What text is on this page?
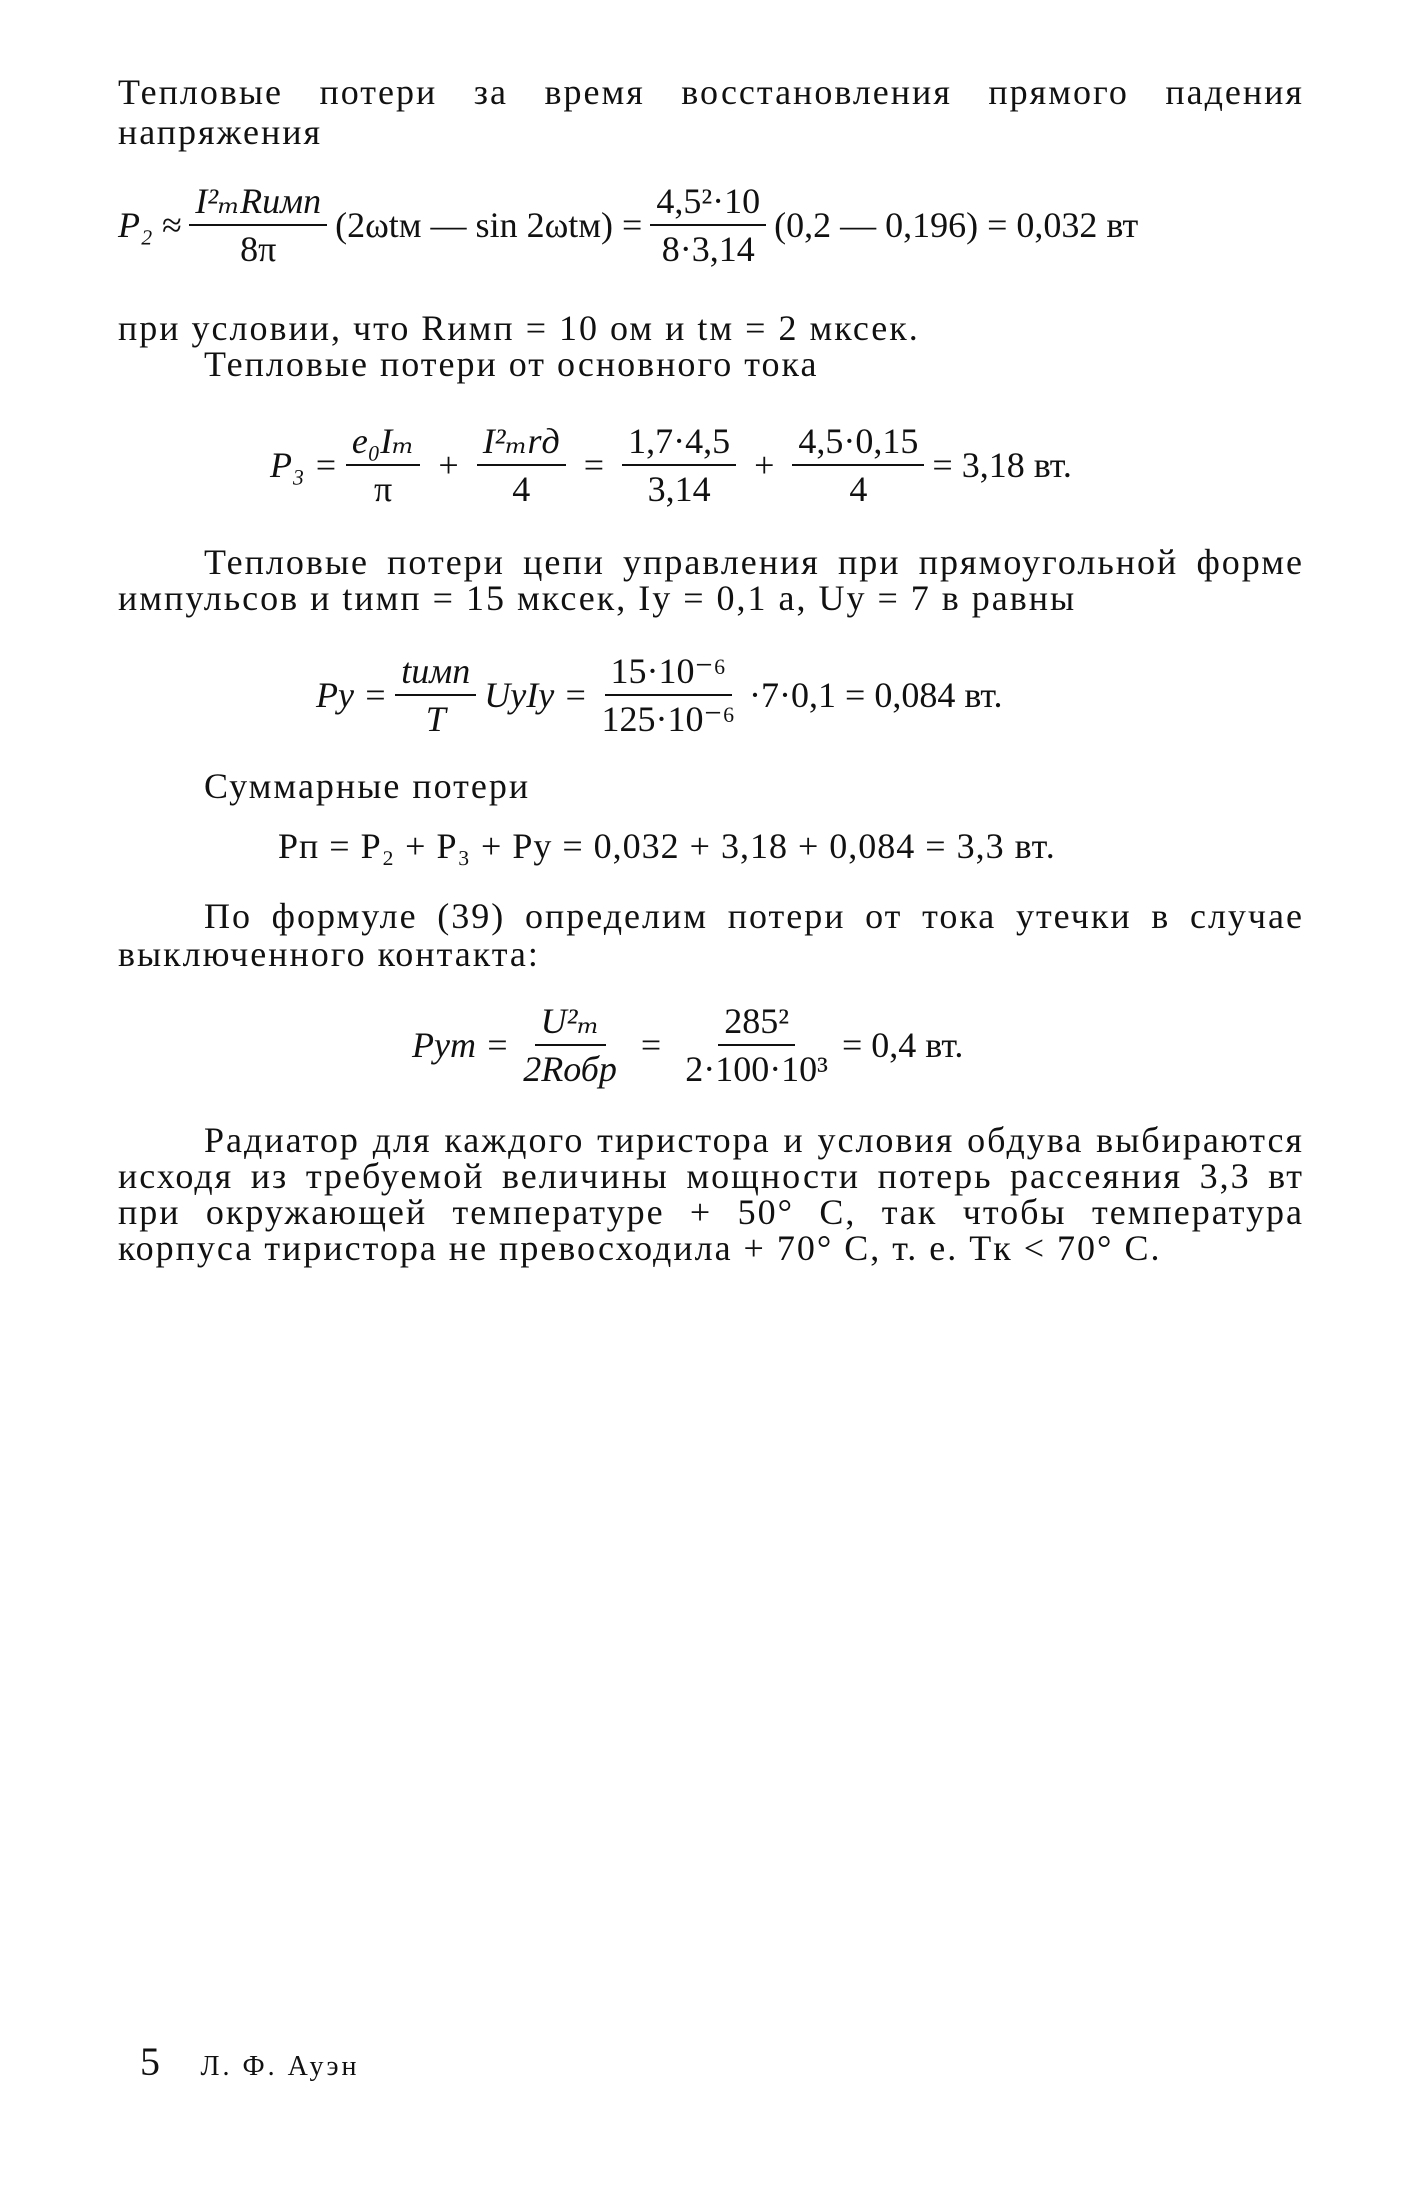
Тепловые потери за время восстановления прямого падения
напряжения
$P_2 \approx \frac{\text{I²ₘRимп}}{8\pi} (2\omega tм$ — $\sin 2\omega tм) = \frac{\text{4,5²·10}}{8\cdot 3,14} (0,2$ — 0,196) = 0,032 вт
при условии, что Rимп = 10 ом и tм = 2 мксек.
Тепловые потери от основного тока
$P_3 = \frac{\text{e₀Iₘ}}{\pi} + \frac{\text{I²ₘrд}}{4} = \frac{1,7\cdot 4,5}{3,14} + \frac{4,5\cdot 0,15}{4} = 3,18$ вт.
Тепловые потери цепи управления при прямоугольной форме
импульсов и tимп = 15 мксек, Iу = 0,1 а, Uу = 7 в равны
Pу = $\frac{\text{tимп}}{T}$ UуIу = $\frac{\text{15·10⁻⁶}}{\text{125·10⁻⁶}} \cdot 7\cdot 0,1 = 0,084$ вт.
Суммарные потери
Pп = P₂ + P₃ + Pу = 0,032 + 3,18 + 0,084 = 3,3 вт.
По формуле (39) определим потери от тока утечки в случае
выключенного контакта:
Pут = $\frac{\text{U²ₘ}}{\text{2Rобр}} = \frac{\text{285²}}{\text{2·100·10³}} = 0,4$ вт.
Радиатор для каждого тиристора и условия обдува выбираются
исходя из требуемой величины мощности потерь рассеяния 3,3 вт
при окружающей температуре + 50° С, так чтобы температура
корпуса тиристора не превосходила + 70° С, т. е. Tк < 70° С.
5 Л. Ф. Ауэн
